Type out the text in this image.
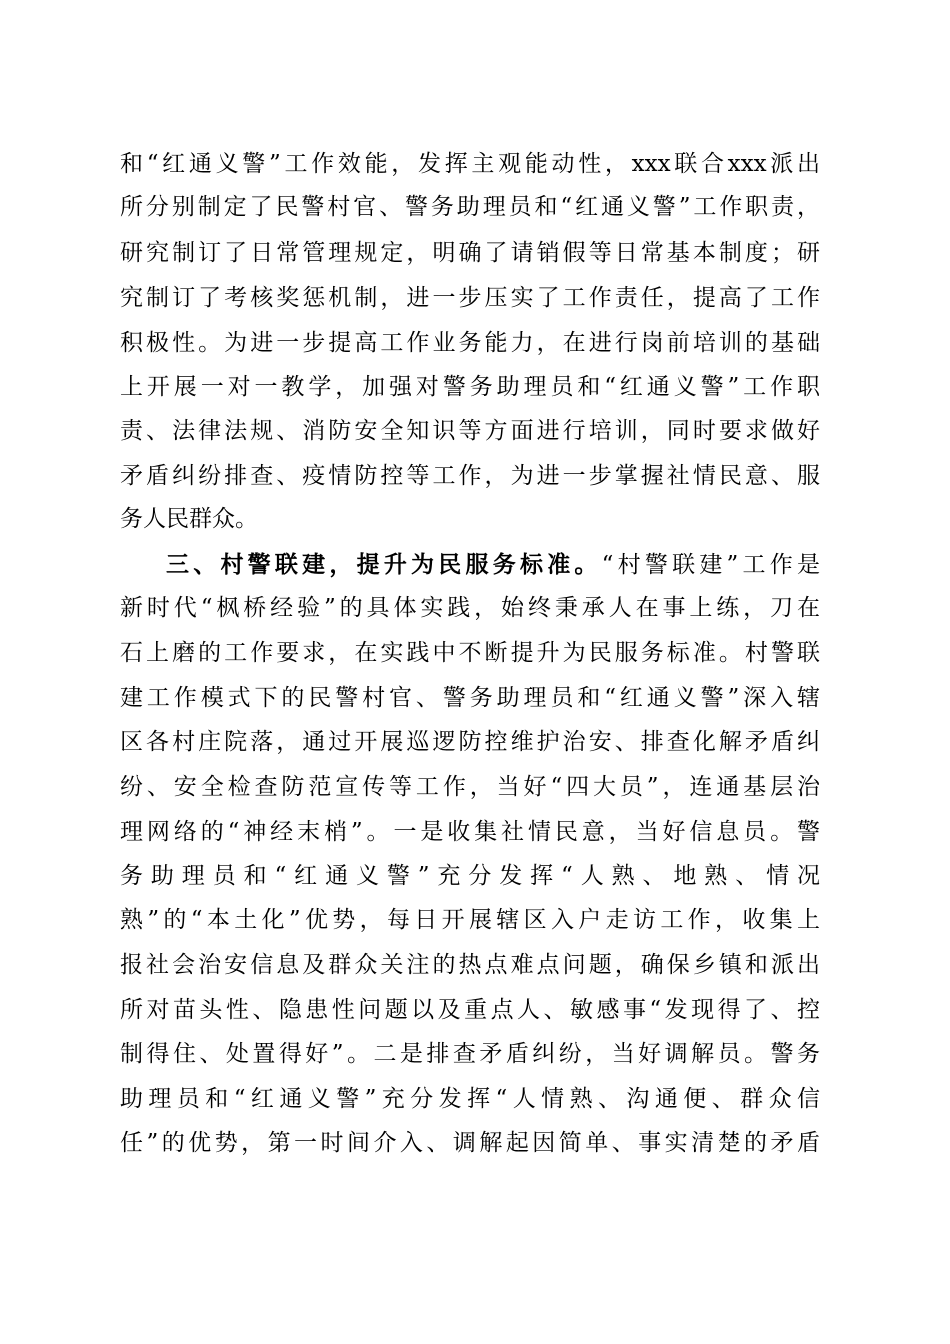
和“红通义警”工作效能，发挥主观能动性，xxx联合xxx派出
所分别制定了民警村官、警务助理员和“红通义警”工作职责，
研究制订了日常管理规定，明确了请销假等日常基本制度；研
究制订了考核奖惩机制，进一步压实了工作责任，提高了工作
积极性。为进一步提高工作业务能力，在进行岗前培训的基础
上开展一对一教学，加强对警务助理员和“红通义警”工作职
责、法律法规、消防安全知识等方面进行培训，同时要求做好
矛盾纠纷排查、疫情防控等工作，为进一步掌握社情民意、服
务人民群众。
三、村警联建，提升为民服务标准。“村警联建”工作是
新时代“枫桥经验”的具体实践，始终秉承人在事上练，刀在
石上磨的工作要求，在实践中不断提升为民服务标准。村警联
建工作模式下的民警村官、警务助理员和“红通义警”深入辖
区各村庄院落，通过开展巡逻防控维护治安、排查化解矛盾纠
纷、安全检查防范宣传等工作，当好“四大员”，连通基层治
理网络的“神经末梢”。一是收集社情民意，当好信息员。警
务助理员和“红通义警”充分发挥“人熟、地熟、情况
熟”的“本土化”优势，每日开展辖区入户走访工作，收集上
报社会治安信息及群众关注的热点难点问题，确保乡镇和派出
所对苗头性、隐患性问题以及重点人、敏感事“发现得了、控
制得住、处置得好”。二是排查矛盾纠纷，当好调解员。警务
助理员和“红通义警”充分发挥“人情熟、沟通便、群众信
任”的优势，第一时间介入、调解起因简单、事实清楚的矛盾
